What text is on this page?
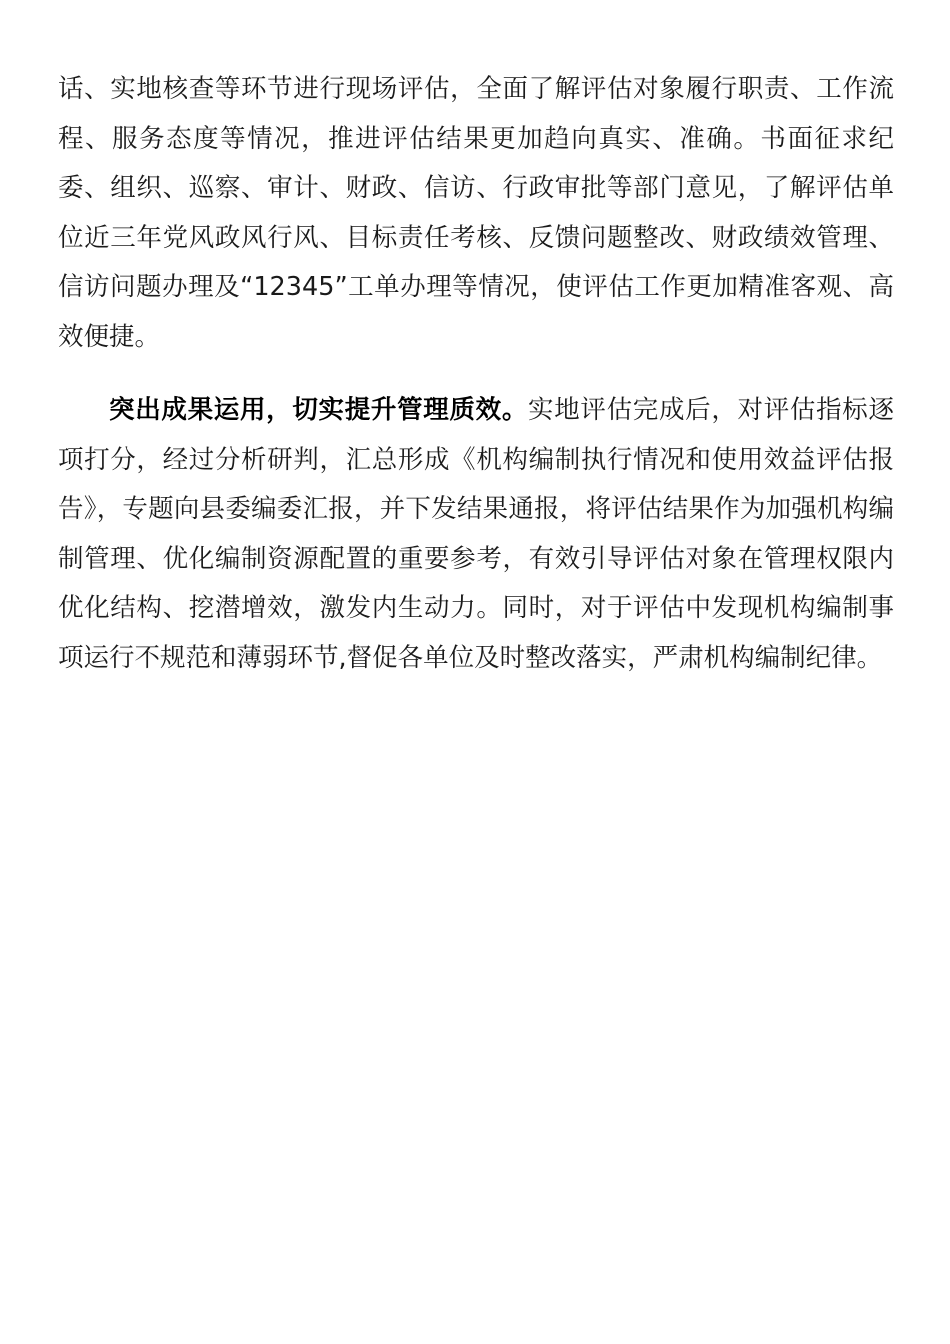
话、实地核查等环节进行现场评估，全面了解评估对象履行职责、工作流程、服务态度等情况，推进评估结果更加趋向真实、准确。书面征求纪委、组织、巡察、审计、财政、信访、行政审批等部门意见，了解评估单位近三年党风政风行风、目标责任考核、反馈问题整改、财政绩效管理、信访问题办理及“12345”工单办理等情况，使评估工作更加精准客观、高效便捷。

突出成果运用，切实提升管理质效。实地评估完成后，对评估指标逐项打分，经过分析研判，汇总形成《机构编制执行情况和使用效益评估报告》，专题向县委编委汇报，并下发结果通报，将评估结果作为加强机构编制管理、优化编制资源配置的重要参考，有效引导评估对象在管理权限内优化结构、挖潜增效，激发内生动力。同时，对于评估中发现机构编制事项运行不规范和薄弱环节,督促各单位及时整改落实，严肃机构编制纪律。
